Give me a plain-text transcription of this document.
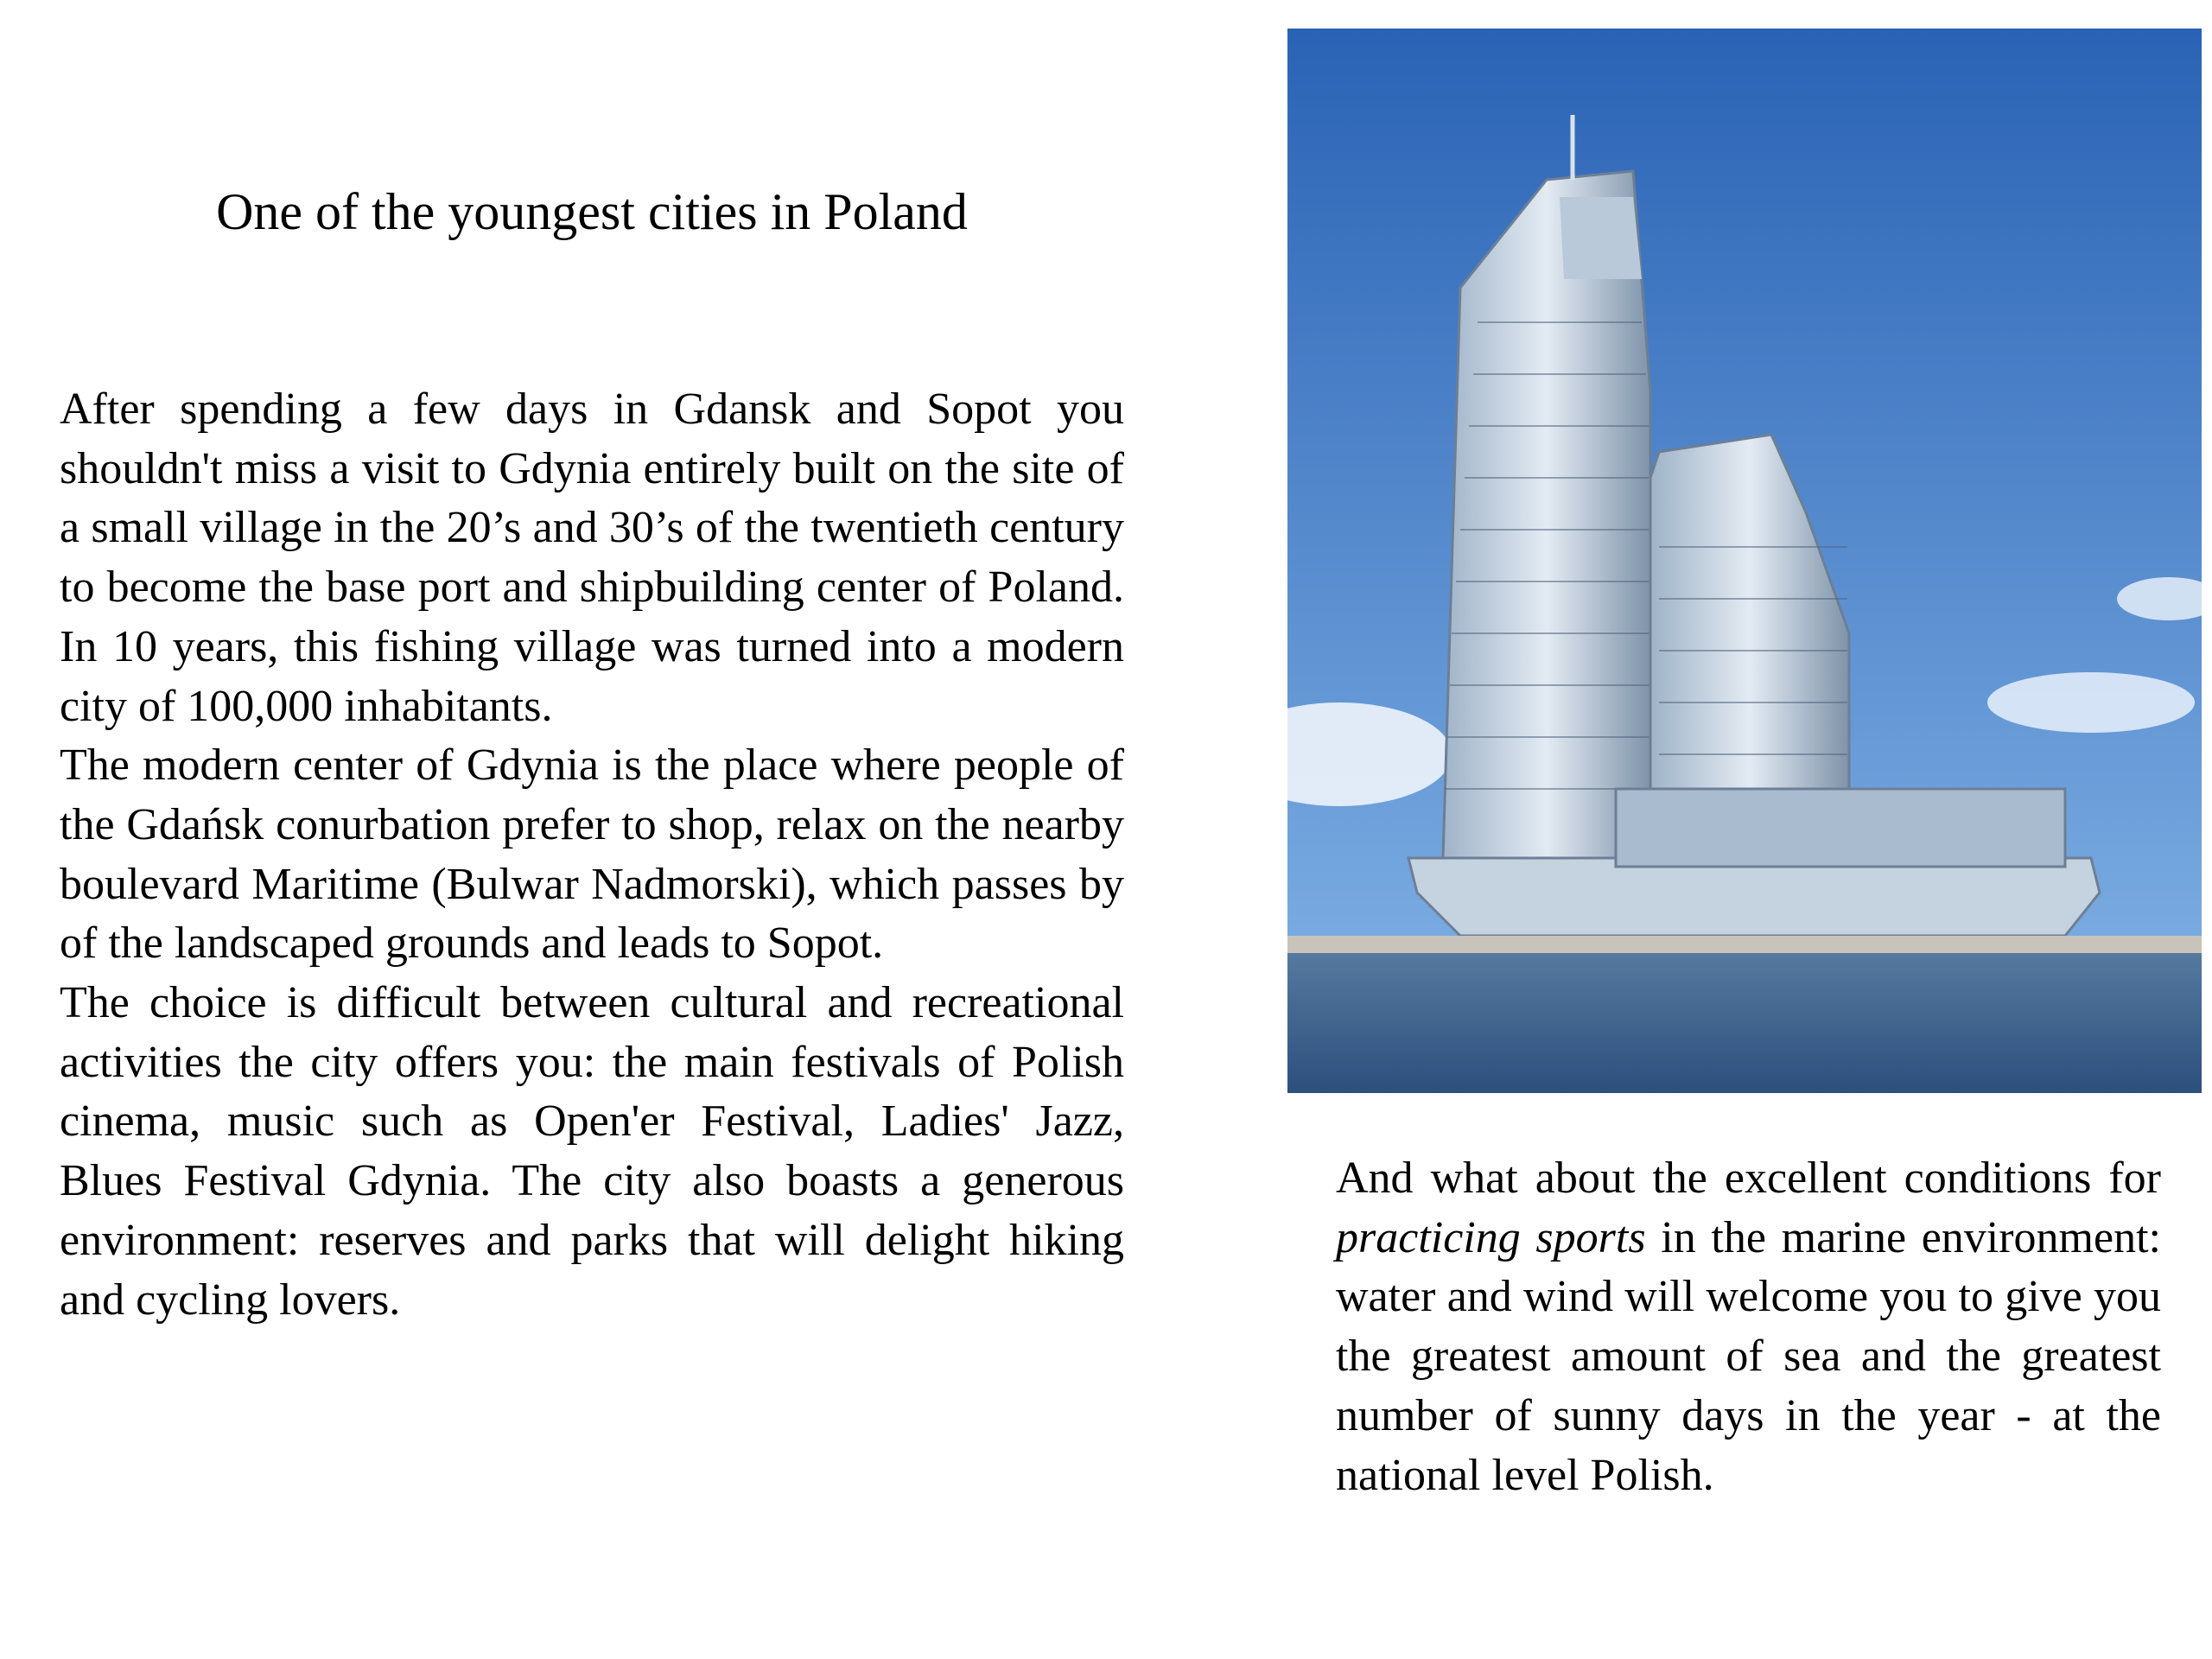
One of the youngest cities in Poland

After spending a few days in Gdansk and Sopot you shouldn't miss a visit to Gdynia entirely built on the site of a small village in the 20’s and 30’s of the twentieth century to become the base port and shipbuilding center of Poland. In 10 years, this fishing village was turned into a modern city of 100,000 inhabitants.

The modern center of Gdynia is the place where people of the Gdańsk conurbation prefer to shop, relax on the nearby boulevard Maritime (Bulwar Nadmorski), which passes by of the landscaped grounds and leads to Sopot.

The choice is difficult between cultural and recreational activities the city offers you: the main festivals of Polish cinema, music such as Open'er Festival, Ladies' Jazz, Blues Festival Gdynia. The city also boasts a generous environment: reserves and parks that will delight hiking and cycling lovers.

And what about the excellent conditions for practicing sports in the marine environment: water and wind will welcome you to give you the greatest amount of sea and the greatest number of sunny days in the year - at the national level Polish.
